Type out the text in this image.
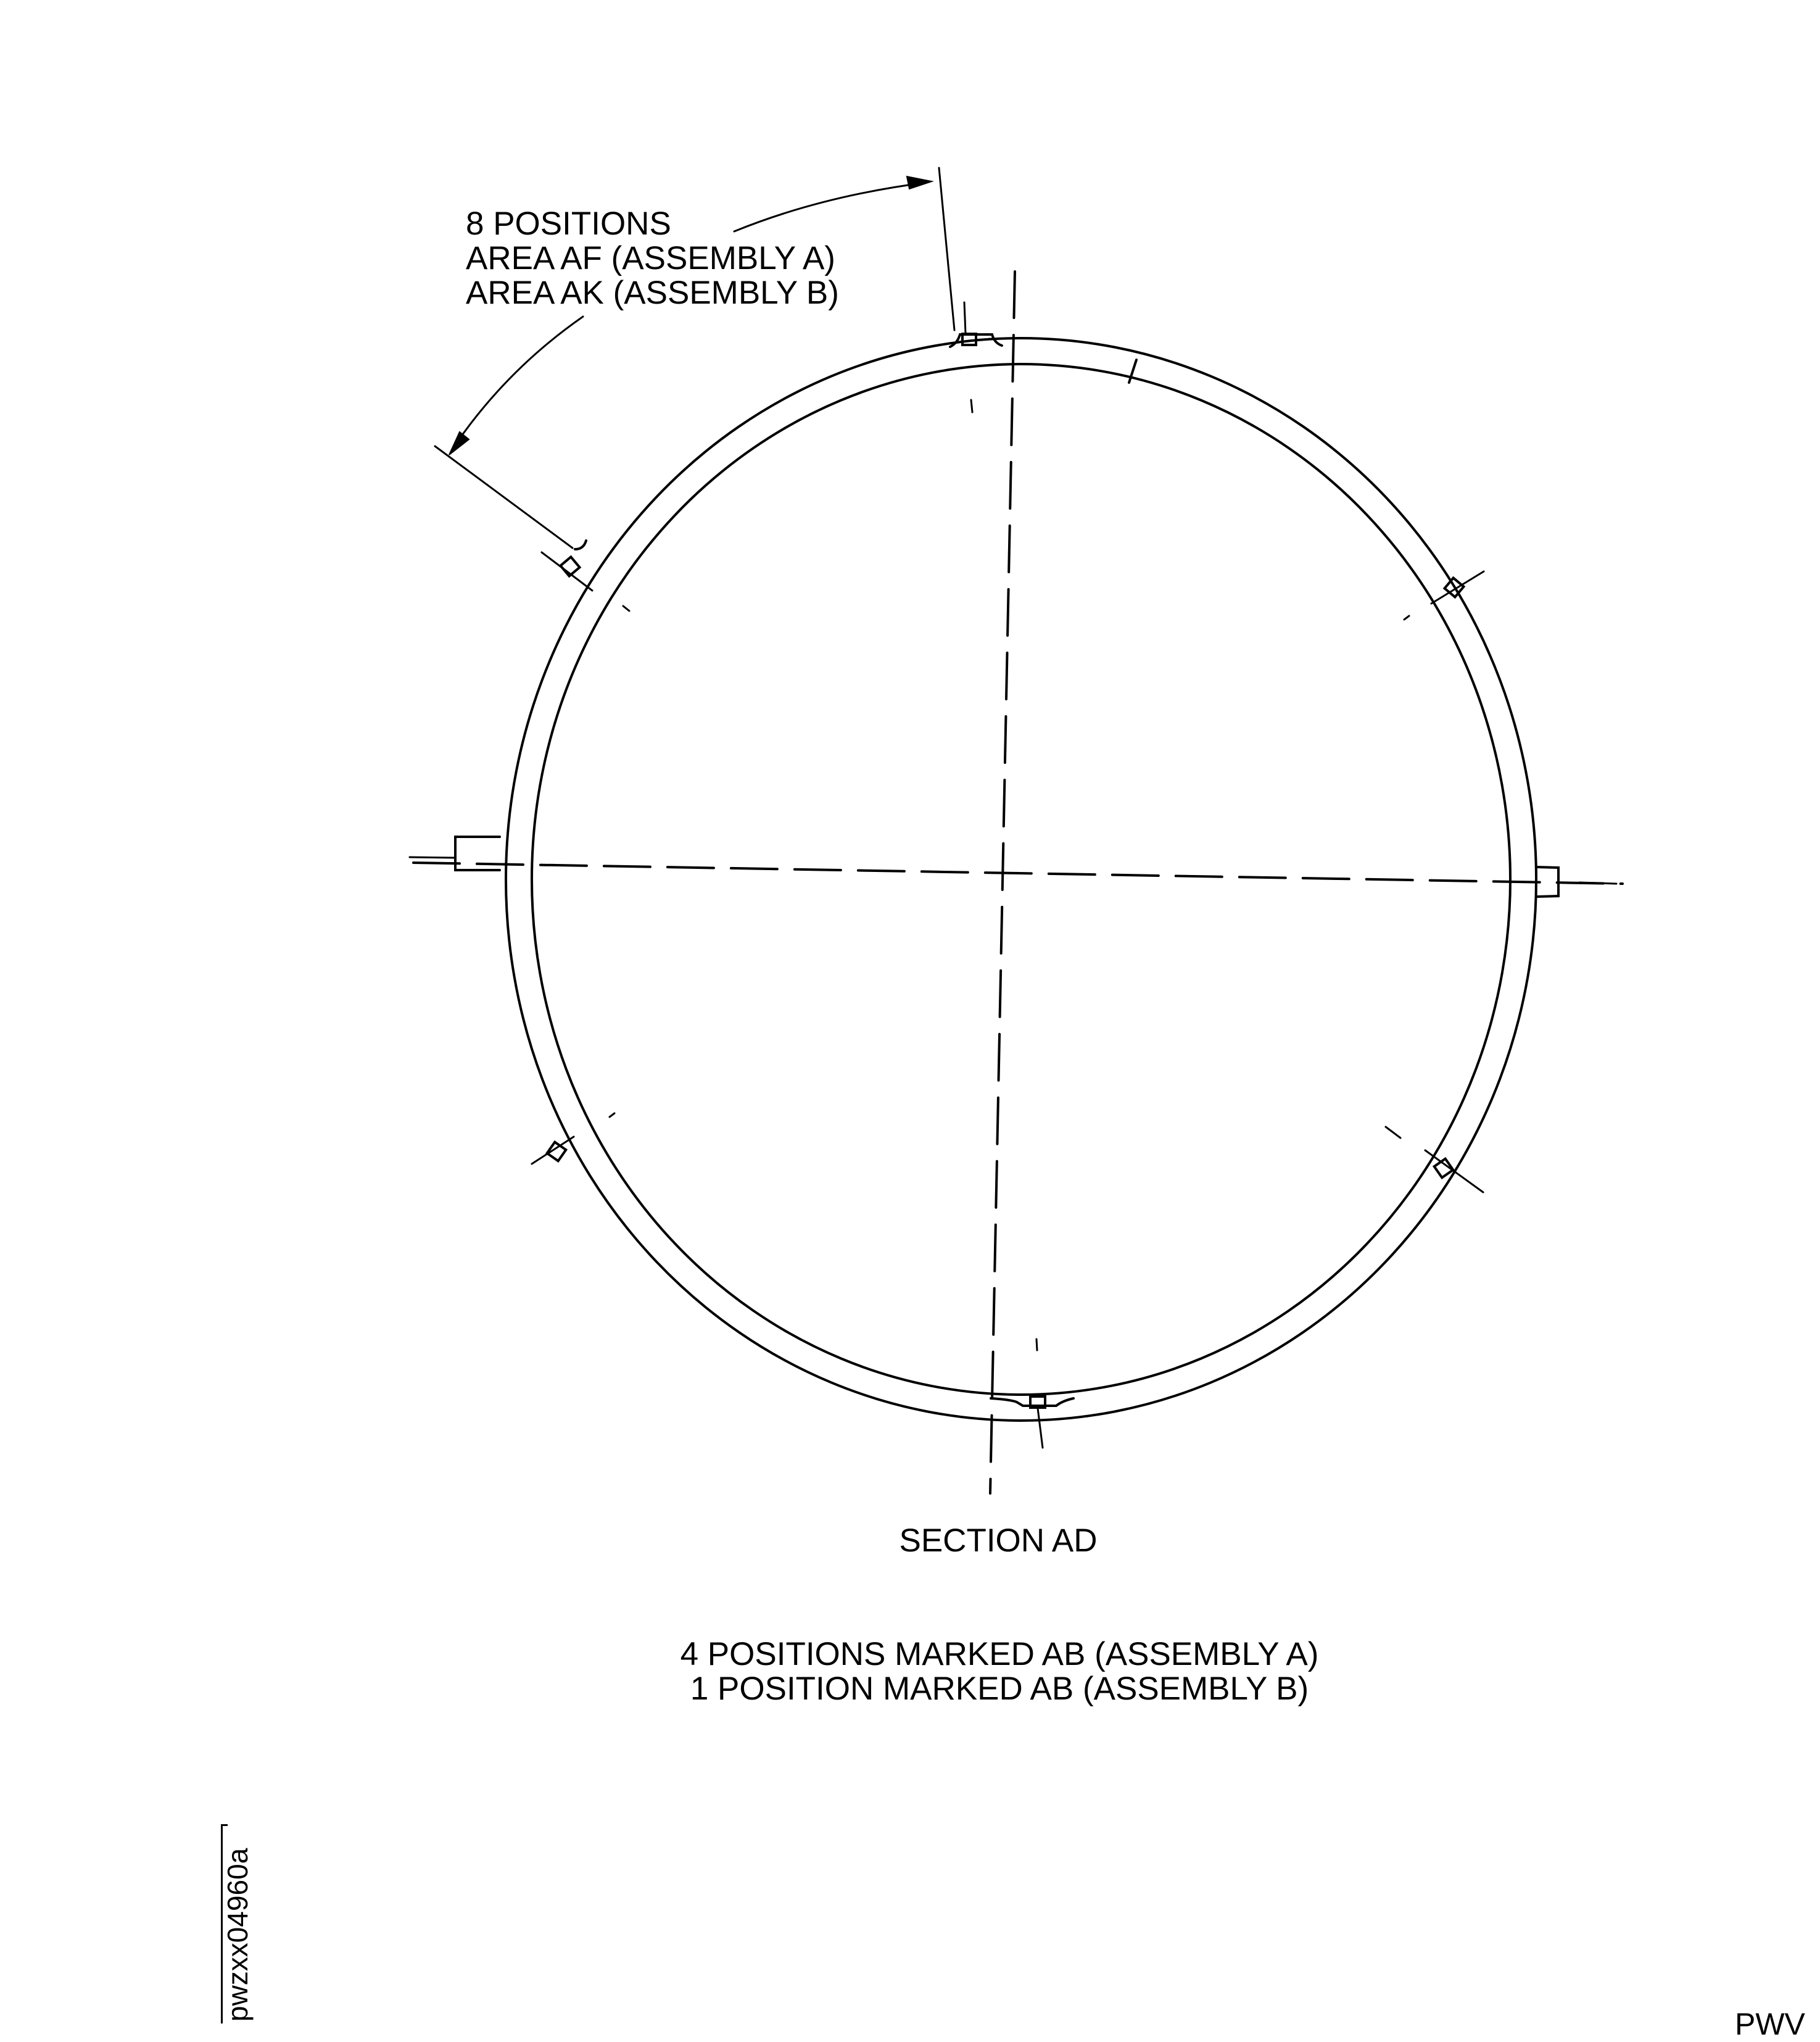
8 POSITIONS
AREA AF (ASSEMBLY A)
AREA AK (ASSEMBLY B)
SECTION AD
4 POSITIONS MARKED AB (ASSEMBLY A)
1 POSITION MARKED AB (ASSEMBLY B)
pwzxx04960a
PWV
